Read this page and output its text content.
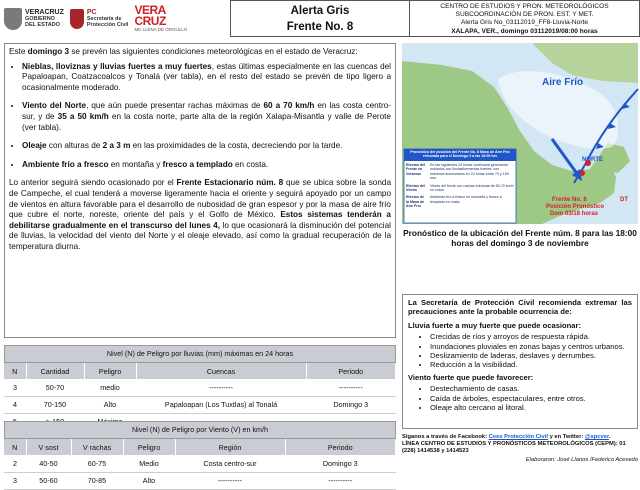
VERACRUZ
GOBIERNO
DEL ESTADO
PC
Secretaría de
Protección Civil
VERA
CRUZ
ME LLENA DE ORGULLO
Alerta Gris
Frente No. 8
CENTRO DE ESTUDIOS Y PRON. METEOROLÓGICOS
SUBCOORDINACIÓN DE PRON. EST. Y MET.
Alerta Gris No_03112019_FF8-Lluvia-Norte
XALAPA, VER., domingo 03112019/08:00 horas

Este domingo 3 se prevén las siguientes condiciones meteorológicas en el estado de Veracruz:

• Nieblas, lloviznas y lluvias fuertes a muy fuertes, estas últimas especialmente en las cuencas del Papaloapan, Coatzacoalcos y Tonalá (ver tabla), en el resto del estado se prevén de tipo ligero a ocasionalmente moderado.
• Viento del Norte, que aún puede presentar rachas máximas de 60 a 70 km/h en las costa centro-sur, y de 35 a 50 km/h en la costa norte, parte alta de la región Xalapa-Misantla y valle de Perote (ver tabla).
• Oleaje con alturas de 2 a 3 m en las proximidades de la costa, decreciendo por la tarde.
• Ambiente frío a fresco en montaña y fresco a templado en costa.

Lo anterior seguirá siendo ocasionado por el Frente Estacionario núm. 8 que se ubica sobre la sonda de Campeche, el cual tenderá a moverse ligeramente hacia el oriente y seguirá apoyado por un campo de vientos en altura favorable para el desarrollo de nubosidad de gran espesor y por la masa de aire frío que cubre el norte, noreste, oriente del país y el Golfo de México. Estos sistemas tenderán a debilitarse gradualmente en el transcurso del lunes 4, lo que ocasionará la disminución del potencial de lluvias, la velocidad del viento del Norte y el oleaje elevado, así como la gradual recuperación de la temperatura diurna.

Nivel (N) de Peligro por lluvias (mm) máximas en 24 horas
N	Cantidad	Peligro	Cuencas	Periodo
3	50-70	medio	----------	----------
4	70-150	Alto	Papaloapan (Los Tuxtlas) al Tonalá	Domingo 3

Nivel (N) de Peligro por Viento (V) en km/h
N	V sost	V rachas	Peligro	Región	Periodo
2	40-50	60-75	Medio	Costa centro-sur	Domingo 3
3	50-60	70-85	Alto	----------	----------
Aire Frío
NORTE
Frente No. 8
Posición Pronóstico
Dom 03/18 horas
DT
Pronóstico del posición del Frente No. 8 Masa de Aire Frío reforzada para el Domingo 3 a las 18:00 hrs
Efectos del Frente en Veracruz
En las siguientes 24 horas continuará generando nublados con lluvias/tormentas fuertes, con máximos acumulados en 24 horas entre 70 y 150 mm
Efectos del Viento
Viento del Norte con rachas máximas de 60-70 km/h en costa.
Efectos de la Masa de Aire Frío
Ambiente frío a fresco en montaña y fresco a templado en costa
Pronóstico de la ubicación del Frente núm. 8 para las 18:00 horas del domingo 3 de noviembre
La Secretaría de Protección Civil recomienda extremar las precauciones ante la probable ocurrencia de:
Lluvia fuerte a muy fuerte que puede ocasionar:
• Crecidas de ríos y arroyos de respuesta rápida.
• Inundaciones pluviales en zonas bajas y centros urbanos.
• Deslizamiento de laderas, deslaves y derrumbes.
• Reducción a la visibilidad.
Viento fuerte que puede favorecer:
• Destechamiento de casas.
• Caída de árboles, espectaculares, entre otros.
• Oleaje alto cercano al litoral.
Síganos a través de Facebook: Ceex Protección Civil y en Twitter: @spcver.
LÍNEA CENTRO DE ESTUDIOS Y PRONÓSTICOS METEOROLÓGICOS (CEPM): 01 (228) 1414538 y 1414523
Elaboraron: José Llanos /Federico Acevedo
